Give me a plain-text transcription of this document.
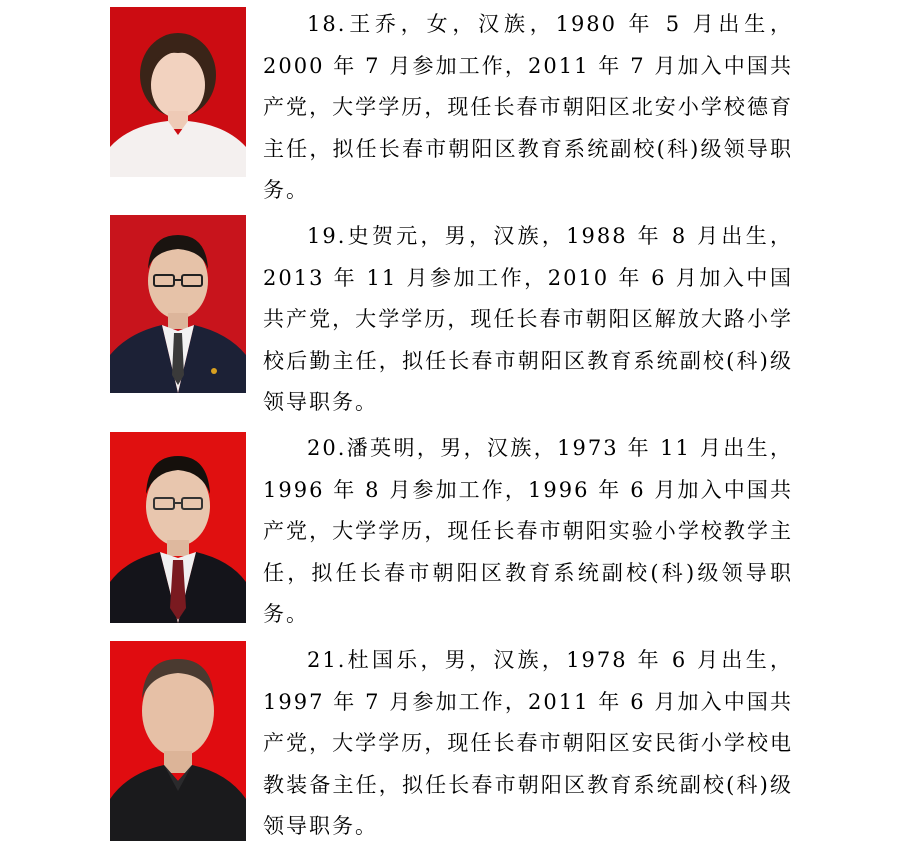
18.王乔，女，汉族，1980 年 5 月出生，2000 年 7 月参加工作，2011 年 7 月加入中国共产党，大学学历，现任长春市朝阳区北安小学校德育主任，拟任长春市朝阳区教育系统副校(科)级领导职务。

19.史贺元，男，汉族，1988 年 8 月出生，2013 年 11 月参加工作，2010 年 6 月加入中国共产党，大学学历，现任长春市朝阳区解放大路小学校后勤主任，拟任长春市朝阳区教育系统副校(科)级领导职务。

20.潘英明，男，汉族，1973 年 11 月出生，1996 年 8 月参加工作，1996 年 6 月加入中国共产党，大学学历，现任长春市朝阳实验小学校教学主任，拟任长春市朝阳区教育系统副校(科)级领导职务。

21.杜国乐，男，汉族，1978 年 6 月出生，1997 年 7 月参加工作，2011 年 6 月加入中国共产党，大学学历，现任长春市朝阳区安民街小学校电教装备主任，拟任长春市朝阳区教育系统副校(科)级领导职务。
